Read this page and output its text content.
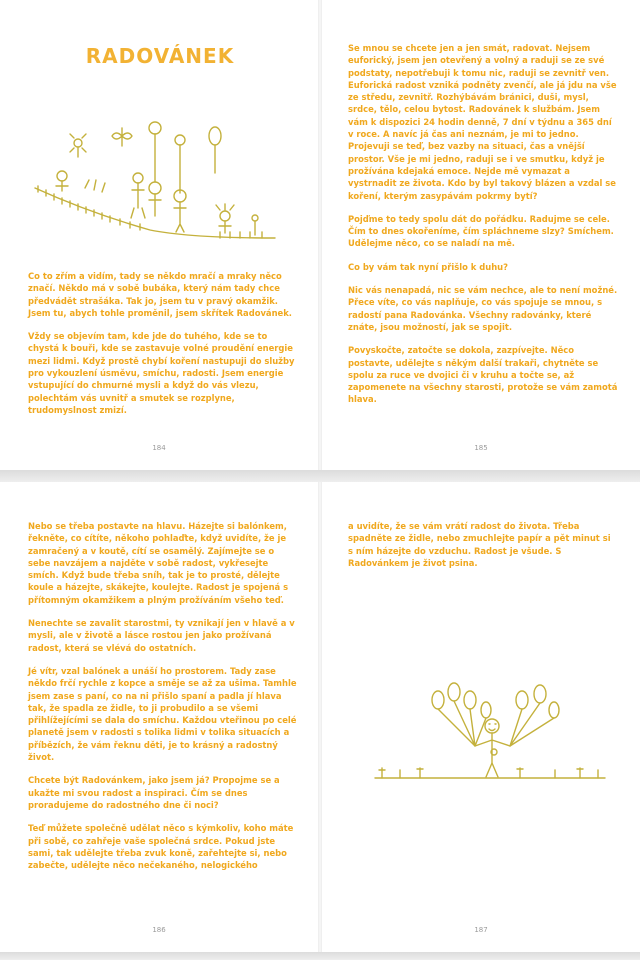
RADOVÁNEK

Co to zřím a vidím, tady se někdo mračí a mraky něco značí. Někdo má v sobě bubáka, který nám tady chce předvádět strašáka. Tak jo, jsem tu v pravý okamžik. Jsem tu, abych tohle proměnil, jsem skřítek Radovánek.

Vždy se objevím tam, kde jde do tuhého, kde se to chystá k bouři, kde se zastavuje volné proudění energie mezi lidmi. Když prostě chybí koření nastupuji do služby pro vykouzlení úsměvu, smíchu, radosti. Jsem energie vstupující do chmurné mysli a když do vás vlezu, polechtám vás uvnitř a smutek se rozplyne, trudomyslnost zmizí.

184

Se mnou se chcete jen a jen smát, radovat. Nejsem euforický, jsem jen otevřený a volný a raduji se ze své podstaty, nepotřebuji k tomu nic, raduji se zevnitř ven. Euforická radost vzniká podněty zvenčí, ale já jdu na vše ze středu, zevnitř. Rozhýbávám bránici, duši, mysl, srdce, tělo, celou bytost. Radovánek k službám. Jsem vám k dispozici 24 hodin denně, 7 dní v týdnu a 365 dní v roce. A navíc já čas ani neznám, je mi to jedno. Projevuji se teď, bez vazby na situaci, čas a vnější prostor. Vše je mi jedno, raduji se i ve smutku, když je prožívána kdejaká emoce. Nejde mě vymazat a vystrnadit ze života. Kdo by byl takový blázen a vzdal se koření, kterým zasypávám pokrmy bytí?

Pojďme to tedy spolu dát do pořádku. Radujme se cele. Čím to dnes okořeníme, čím spláchneme slzy? Smíchem. Udělejme něco, co se naladí na mě.

Co by vám tak nyní přišlo k duhu?

Nic vás nenapadá, nic se vám nechce, ale to není možné. Přece víte, co vás naplňuje, co vás spojuje se mnou, s radostí pana Radovánka. Všechny radovánky, které znáte, jsou možností, jak se spojit.

Povyskočte, zatočte se dokola, zazpívejte. Něco postavte, udělejte s někým další trakaři, chytněte se spolu za ruce ve dvojici či v kruhu a točte se, až zapomenete na všechny starosti, protože se vám zamotá hlava.

185

Nebo se třeba postavte na hlavu. Házejte si balónkem, řekněte, co cítíte, někoho pohlaďte, když uvidíte, že je zamračený a v koutě, cítí se osamělý. Zajímejte se o sebe navzájem a najděte v sobě radost, vykřesejte smích. Když bude třeba sníh, tak je to prosté, dělejte koule a házejte, skákejte, koulejte. Radost je spojená s přítomným okamžikem a plným prožíváním všeho teď.

Nenechte se zavalit starostmi, ty vznikají jen v hlavě a v mysli, ale v životě a lásce rostou jen jako prožívaná radost, která se vlévá do ostatních.

Jé vítr, vzal balónek a unáší ho prostorem. Tady zase někdo frčí rychle z kopce a směje se až za ušima. Tamhle jsem zase s paní, co na ni přišlo spaní a padla jí hlava tak, že spadla ze židle, to ji probudilo a se všemi přihlížejícími se dala do smíchu. Každou vteřinou po celé planetě jsem v radosti s tolika lidmi v tolika situacích a příbězích, že vám řeknu děti, je to krásný a radostný život.

Chcete být Radovánkem, jako jsem já? Propojme se a ukažte mi svou radost a inspiraci. Čím se dnes proradujeme do radostného dne či noci?

Teď můžete společně udělat něco s kýmkoliv, koho máte při sobě, co zahřeje vaše společná srdce. Pokud jste sami, tak udělejte třeba zvuk koně, zařehtejte si, nebo zabečte, udělejte něco nečekaného, nelogického

186

a uvidíte, že se vám vrátí radost do života. Třeba spadněte ze židle, nebo zmuchlejte papír a pět minut si s ním házejte do vzduchu. Radost je všude. S Radovánkem je život psina.

187
